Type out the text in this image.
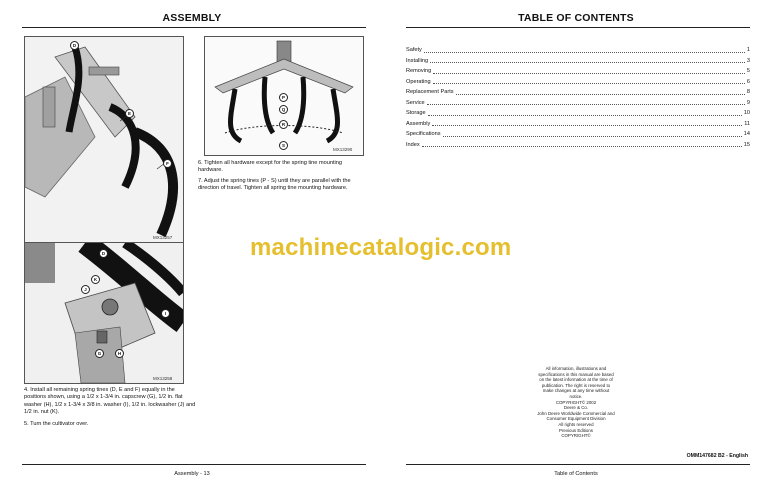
ASSEMBLY
D
E
F
MX13257
P
Q
R
S
MX13290
6. Tighten all hardware except for the spring tine mounting hardware.
7. Adjust the spring tines (P - S) until they are parallel with the direction of travel. Tighten all spring tine mounting hardware.
D
K
J
I
G	H
MX13258
4. Install all remaining spring tines (D, E and F) equally in the positions shown, using a 1/2 x 1-3/4 in. capscrew (G), 1/2 in. flat washer (H), 1/2 x 1-3/4 x 3/8 in. washer (I), 1/2 in. lockwasher (J) and 1/2 in. nut (K).
5. Turn the cultivator over.
Assembly - 13
TABLE OF CONTENTS
Safety	1
Installing	3
Removing	5
Operating	6
Replacement Parts	8
Service	9
Storage	10
Assembly	11
Specifications	14
Index	15
All information, illustrations and
specifications in this manual are based
on the latest information at the time of
publication. The right is reserved to
make changes at any time without
notice.
COPYRIGHT© 2002
Deere & Co.
John Deere Worldwide Commercial and
Consumer Equipment Division
All rights reserved
Previous Editions
COPYRIGHT©
OMM147682 B2 - English
Table of Contents
machinecatalogic.com
